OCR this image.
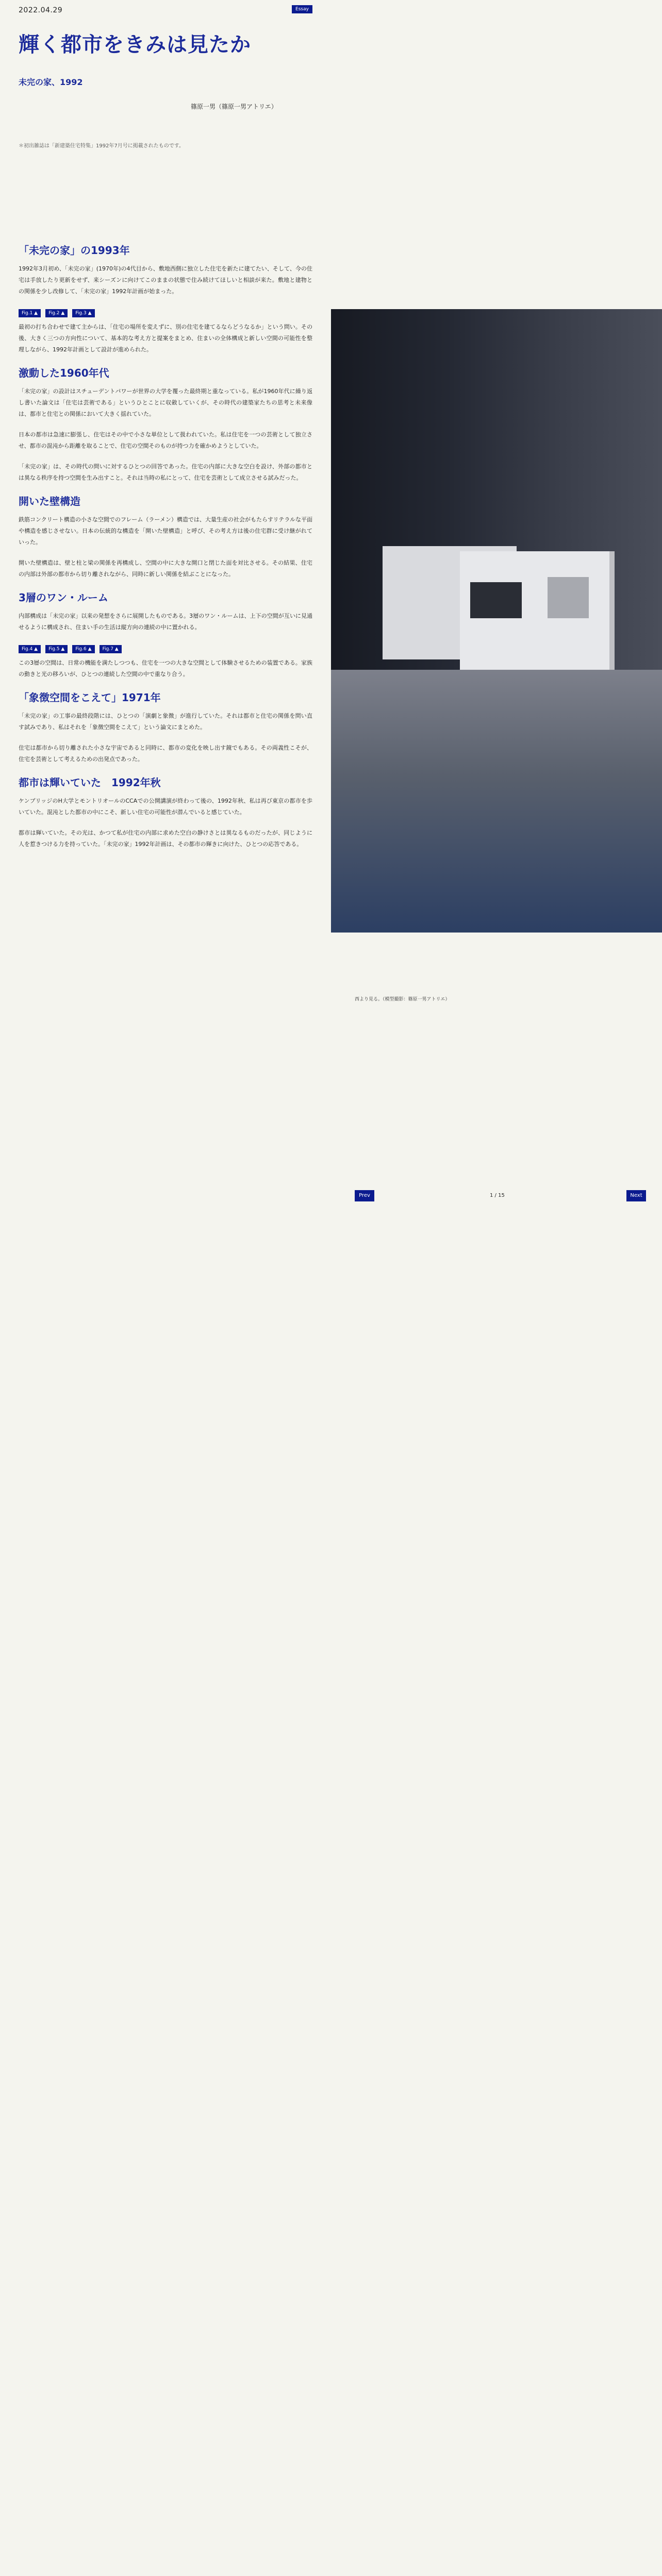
2022.04.29	Essay
輝く都市をきみは見たか
未完の家、1992
篠原一男（篠原一男アトリエ）
＊初出雑誌は「新建築住宅特集」1992年7月号に掲載されたものです。
「未完の家」の1993年

1992年3月初め、「未完の家」(1970年)の4代目から、敷地西側に独立した住宅を新たに建てたい、そして、今の住宅は手放したり更新をせず、来シーズンに向けてこのままの状態で住み続けてほしいと相談が来た。敷地と建物との関係を少し改修して、「未完の家」1992年計画が始まった。

Fig.1 ▲ Fig.2 ▲ Fig.3 ▲

最初の打ち合わせで建て主からは、「住宅の場所を変えずに、別の住宅を建てるならどうなるか」という問い。その後、大きく三つの方向性について、基本的な考え方と提案をまとめ、住まいの全体構成と新しい空間の可能性を整理しながら、1992年計画として設計が進められた。

激動した1960年代

「未完の家」の設計はスチューデントパワーが世界の大学を覆った最終期と重なっている。私が1960年代に繰り返し書いた論文は「住宅は芸術である」というひとことに収斂していくが、その時代の建築家たちの思考と未来像は、都市と住宅との関係において大きく揺れていた。

日本の都市は急速に膨張し、住宅はその中で小さな単位として扱われていた。私は住宅を一つの芸術として独立させ、都市の混沌から距離を取ることで、住宅の空間そのものが持つ力を確かめようとしていた。

「未完の家」は、その時代の問いに対するひとつの回答であった。住宅の内部に大きな空白を設け、外部の都市とは異なる秩序を持つ空間を生み出すこと。それは当時の私にとって、住宅を芸術として成立させる試みだった。

開いた壁構造

鉄筋コンクリート構造の小さな空間でのフレーム（ラーメン）構造では、大量生産の社会がもたらすリテラルな平面や構造を感じさせない。日本の伝統的な構造を「開いた壁構造」と呼び、その考え方は後の住宅群に受け継がれていった。

開いた壁構造は、壁と柱と梁の関係を再構成し、空間の中に大きな開口と閉じた面を対比させる。その結果、住宅の内部は外部の都市から切り離されながら、同時に新しい関係を結ぶことになった。

3層のワン・ルーム

内部構成は「未完の家」以来の発想をさらに展開したものである。3層のワン・ルームは、上下の空間が互いに見通せるように構成され、住まい手の生活は縦方向の連続の中に置かれる。

Fig.4 ▲ Fig.5 ▲ Fig.6 ▲ Fig.7 ▲

この3層の空間は、日常の機能を満たしつつも、住宅を一つの大きな空間として体験させるための装置である。家族の動きと光の移ろいが、ひとつの連続した空間の中で重なり合う。

「象徴空間をこえて」1971年

「未完の家」の工事の最終段階には、ひとつの「演劇と象徴」が進行していた。それは都市と住宅の関係を問い直す試みであり、私はそれを「象徴空間をこえて」という論文にまとめた。

住宅は都市から切り離された小さな宇宙であると同時に、都市の変化を映し出す鏡でもある。その両義性こそが、住宅を芸術として考えるための出発点であった。

都市は輝いていた　1992年秋

ケンブリッジのH大学とモントリオールのCCAでの公開講演が終わって後の、1992年秋、私は再び東京の都市を歩いていた。混沌とした都市の中にこそ、新しい住宅の可能性が潜んでいると感じていた。

都市は輝いていた。その光は、かつて私が住宅の内部に求めた空白の静けさとは異なるものだったが、同じように人を惹きつける力を持っていた。「未完の家」1992年計画は、その都市の輝きに向けた、ひとつの応答である。

西より見る。（模型撮影：篠原一男アトリエ）
Prev	1 / 15	Next
